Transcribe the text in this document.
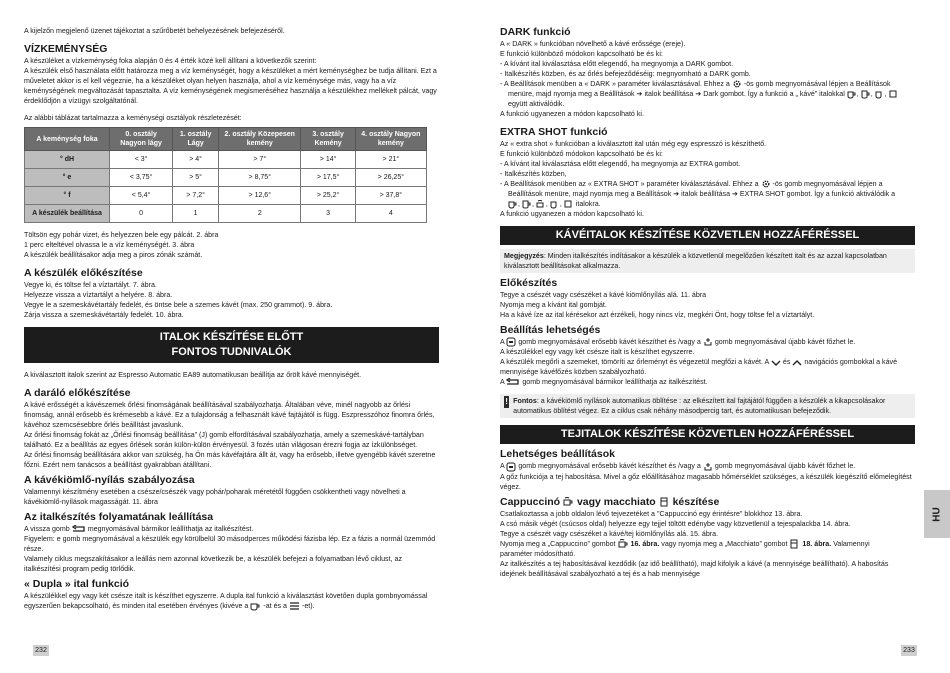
A kijelzőn megjelenő üzenet tájékoztat a szűrőbetét behelyezésének befejezéséről.

VÍZKEMÉNYSÉG

A készüléket a vízkeménység foka alapján 0 és 4 érték közé kell állítani a következők szerint:

A készülék első használata előtt határozza meg a víz keménységét, hogy a készüléket a mért keménységhez be tudja állítani. Ezt a műveletet akkor is el kell végeznie, ha a készüléket olyan helyen használja, ahol a víz keménysége más, vagy ha a víz keménységének megváltozását tapasztalta. A víz keménységének megismeréséhez használja a készülékhez mellékelt pálcát, vagy érdeklődjön a vízügyi szolgáltatónál.

Az alábbi táblázat tartalmazza a keménységi osztályok részletezését:

A keménység foka	0. osztály Nagyon lágy	1. osztály Lágy	2. osztály Közepesen kemény	3. osztály Kemény	4. osztály Nagyon kemény
° dH	< 3°	> 4°	> 7°	> 14°	> 21°
° e	< 3,75°	> 5°	> 8,75°	> 17,5°	> 26,25°
° f	< 5,4°	> 7,2°	> 12,6°	> 25,2°	> 37,8°
A készülék beállítása	0	1	2	3	4

Töltsön egy pohár vizet, és helyezzen bele egy pálcát. 2. ábra

1 perc elteltével olvassa le a víz keménységét. 3. ábra

A készülék beállításakor adja meg a piros zónák számát.

A készülék előkészítése

Vegye ki, és töltse fel a víztartályt. 7. ábra.

Helyezze vissza a víztartályt a helyére. 8. ábra.

Vegye le a szemeskávétartály fedelét, és öntse bele a szemes kávét (max. 250 grammot). 9. ábra.

Zárja vissza a szemeskávétartály fedelét. 10. ábra.

ITALOK KÉSZÍTÉSE ELŐTT
FONTOS TUDNIVALÓK

A kiválasztott italok szerint az Espresso Automatic EA89 automatikusan beállítja az őrölt kávé mennyiségét.

A daráló előkészítése

A kávé erősségét a kávészemek őrlési finomságának beállításával szabályozhatja. Általában véve, minél nagyobb az őrlési finomság, annál erősebb és krémesebb a kávé. Ez a tulajdonság a felhasznált kávé fajtájától is függ. Eszpresszóhoz finomra őrlés, kávéhoz szemcsésebbre őrlés beállítást javaslunk.

Az őrlési finomság fokát az „Őrlési finomság beállítása” (J) gomb elfordításával szabályozhatja, amely a szemeskávé-tartályban található. Ez a beállítás az egyes őrlések során külön-külön érvényesül. 3 fozés után világosan érezni fogja az ízkülönbséget.

Az őrlési finomság beállítására akkor van szükség, ha Ön más kávéfajtára állt át, vagy ha erősebb, illetve gyengébb kávét szeretne főzni. Ezért nem tanácsos a beállítást gyakrabban átállítani.

A kávékiömlő-nyílás szabályozása

Valamennyi készítmény esetében a csésze/csészék vagy pohár/poharak méretétől függően csökkentheti vagy növelheti a kávékiömlő-nyílások magasságát. 11. ábra

Az italkészítés folyamatának leállítása

A vissza gomb	megnyomásával bármikor leállíthatja az italkészítést.

Figyelem: e gomb megnyomásával a készülék egy körülbelül 30 másodperces működési fázisba lép. Ez a fázis a normál üzemmód része.

Valamely ciklus megszakításakor a leállás nem azonnal következik be, a készülék befejezi a folyamatban lévő ciklust, az italkészítési program pedig törlődik.

« Dupla » ital funkció

A készülékkel egy vagy két csésze italt is készíthet egyszerre. A dupla ital funkció a kiválasztást követően dupla gombnyomással egyszerűen bekapcsolható, és minden ital esetében érvényes (kivéve a -at és a -et).

232
DARK funkció

A « DARK » funkcióban növelhető a kávé erőssége (ereje).

E funkció különböző módokon kapcsolható be és ki:

- A kívánt ital kiválasztása előtt elegendő, ha megnyomja a DARK gombot.

- Italkészítés közben, és az őrlés befejeződéséig: megnyomható a DARK gomb.

- A Beállítások menüben a « DARK » paraméter kiválasztásával. Ehhez a -ös gomb megnyomásával lépjen a Beállítások

menüre, majd nyomja meg a Beállítások ➔ italok beállítása ➔ Dark gombot. Így a funkció a „ kávé” italokkal , , ,

együtt aktiválódik.

A funkció ugyanezen a módon kapcsolható ki.

EXTRA SHOT funkció

Az « extra shot » funkcióban a kiválasztott ital után még egy espresszó is készíthető.

E funkció különböző módokon kapcsolható be és ki:

- A kívánt ital kiválasztása előtt elegendő, ha megnyomja az EXTRA gombot.

- Italkészítés közben,

- A Beállítások menüben az « EXTRA SHOT » paraméter kiválasztásával. Ehhez a -ös gomb megnyomásával lépjen a

Beállítások menüre, majd nyomja meg a Beállítások ➔ italok beállítása ➔ EXTRA SHOT gombot. Így a funkció aktiválódik a

, , , ,  italokra.

A funkció ugyanezen a módon kapcsolható ki.

KÁVÉITALOK KÉSZÍTÉSE KÖZVETLEN HOZZÁFÉRÉSSEL

Megjegyzés: Minden italkészítés indításakor a készülék a közvetlenül megelőzően készített italt és az azzal kapcsolatban kiválasztott beállításokat alkalmazza.

Előkészítés

Tegye a csészét vagy csészéket a kávé kiömlőnyílás alá. 11. ábra

Nyomja meg a kívánt ital gombját.

Ha a kávé íze az ital kérésekor azt érzékeli, hogy nincs víz, megkéri Önt, hogy töltse fel a víztartályt.

Beállítás lehetségés

A gomb megnyomásával erősebb kávét készíthet és /vagy a gomb megnyomásával újabb kávét főzhet le.

A készülékkel egy vagy két csésze italt is készíthet egyszerre.

A készülék megőrli a szemeket, tömöríti az őrleményt és végezetül megfőzi a kávét. A és navigációs gombokkal a kávé

mennyisége kávéfőzés közben szabályozható.

A	gomb megnyomásával bármikor leállíthatja az italkészítést.

! Fontos: a kávékiömlő nyílások automatikus öblítése : az elkészített ital fajtájától függően a készülék a kikapcsolásakor automatikus öblítést végez. Ez a ciklus csak néhány másodpercig tart, és automatikusan befejeződik.

TEJITALOK KÉSZÍTÉSE KÖZVETLEN HOZZÁFÉRÉSSEL
Lehetséges beállítások

A gomb megnyomásával erősebb kávét készíthet és /vagy a gomb megnyomásával újabb kávét főzhet le.

A gőz funkciója a tej habosítása. Mivel a gőz előállításához magasabb hőmérséklet szükséges, a készülék kiegészítő előmelegítést végez.

Cappuccinó vagy macchiato készítése

Csatlakoztassa a jobb oldalon lévő tejvezetéket a "Cappuccinó egy érintésre" blokkhoz 13. ábra.

A csó másik végét (csúcsos oldal) helyezze egy tejjel töltött edénybe vagy közvetlenül a tejespalackba 14. ábra.

Tegye a csészét vagy csészéket a kávé/tej kiömlőnyílás alá. 15. ábra.

Nyomja meg a „Cappuccino” gombot 16. ábra. vagy nyomja meg a „Macchiato” gombot 18. ábra. Valamennyi

paraméter módosítható.

Az italkészítés a tej habosításával kezdődik (az idő beállítható), majd kifolyik a kávé (a mennyisége beállítható). A habosítás idejének beállításával szabályozható a tej és a hab mennyisége

HU
233
